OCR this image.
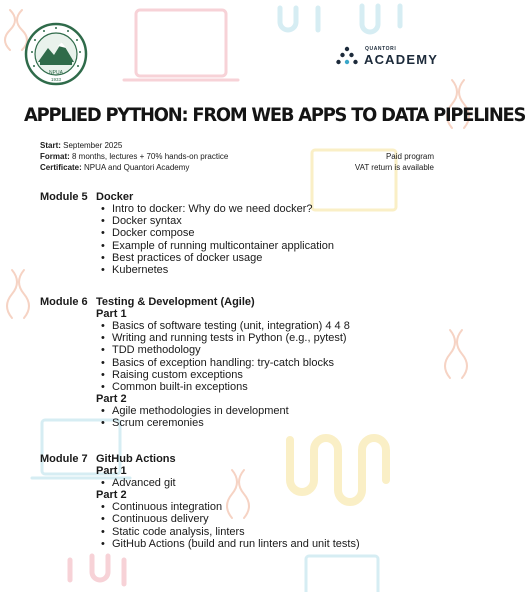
NPUA
1933
QUANTORI
ACADEMY
APPLIED PYTHON: FROM WEB APPS TO DATA PIPELINES
Start: September 2025
Format: 8 months, lectures + 70% hands-on practice
Certificate: NPUA and Quantori Academy
Paid program
VAT return is available
Module 5 Docker
• Intro to docker: Why do we need docker?
• Docker syntax
• Docker compose
• Example of running multicontainer application
• Best practices of docker usage
• Kubernetes
Module 6 Testing & Development (Agile)
Part 1
• Basics of software testing (unit, integration) 4 4 8
• Writing and running tests in Python (e.g., pytest)
• TDD methodology
• Basics of exception handling: try-catch blocks
• Raising custom exceptions
• Common built-in exceptions
Part 2
• Agile methodologies in development
• Scrum ceremonies
Module 7 GitHub Actions
Part 1
• Advanced git
Part 2
• Continuous integration
• Continuous delivery
• Static code analysis, linters
• GitHub Actions (build and run linters and unit tests)
